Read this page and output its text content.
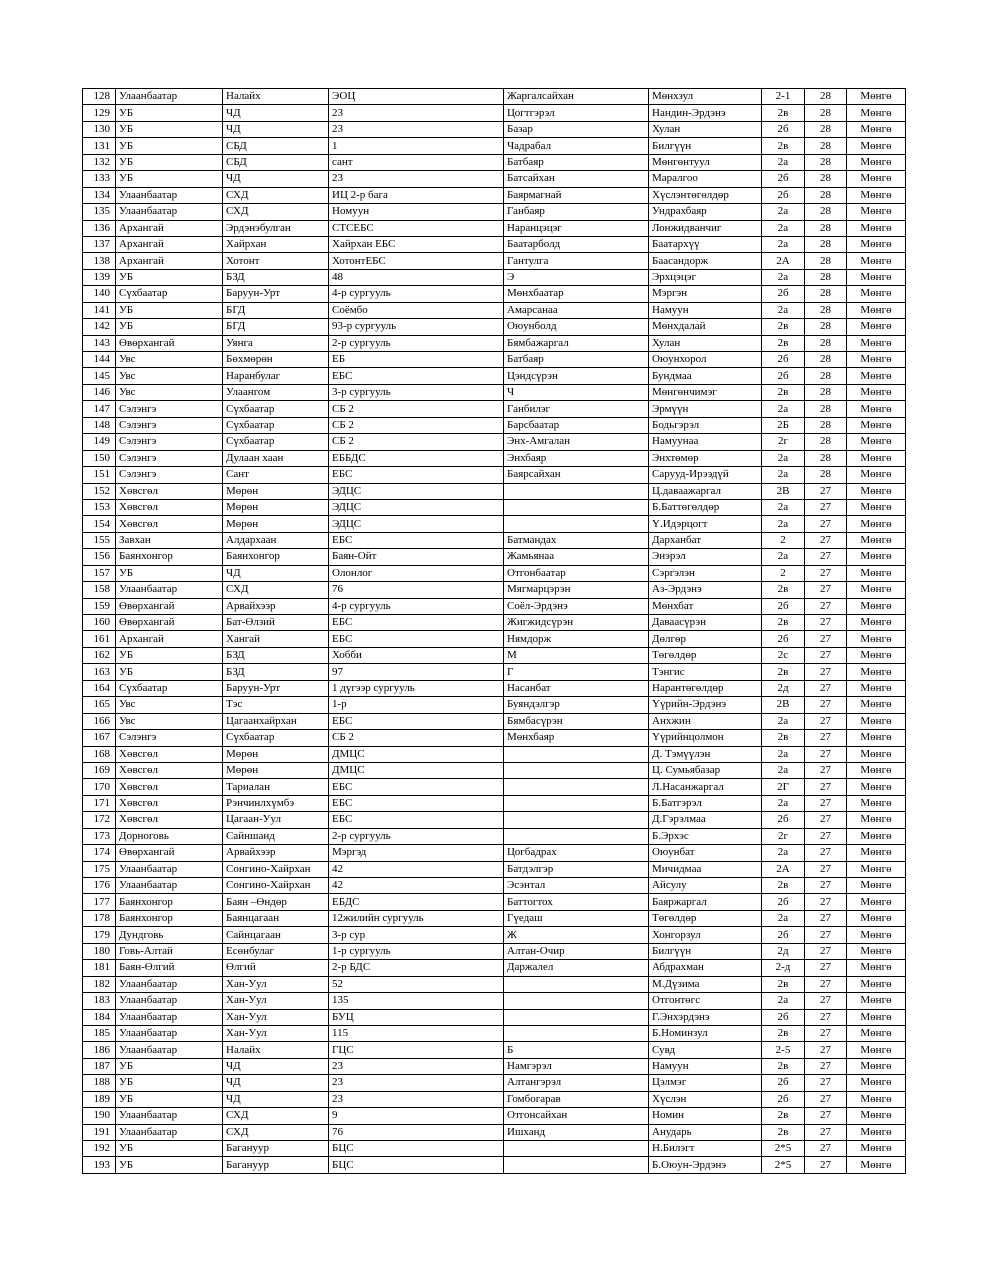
128	Улаанбаатар	Налайх	ЭОЦ	Жаргалсайхан	Мөнхзул	2-1	28	Мөнгө
129	УБ	ЧД	23	Цогтгэрэл	Нандин-Эрдэнэ	2в	28	Мөнгө
130	УБ	ЧД	23	Базар	Хулан	2б	28	Мөнгө
131	УБ	СБД	1	Чадрабал	Билгүүн	2в	28	Мөнгө
132	УБ	СБД	сант	Батбаяр	Мөнгөнтуул	2а	28	Мөнгө
133	УБ	ЧД	23	Батсайхан	Маралгоо	2б	28	Мөнгө
134	Улаанбаатар	СХД	ИЦ 2-р бага	Баярмагнай	Хүслэнтөгөлдөр	2б	28	Мөнгө
135	Улаанбаатар	СХД	Номуун	Ганбаяр	Ундрахбаяр	2а	28	Мөнгө
136	Архангай	Эрдэнэбулган	СТСЕБС	Наранцэцэг	Лонжидванчиг	2а	28	Мөнгө
137	Архангай	Хайрхан	Хайрхан ЕБС	Баатарболд	Баатархүү	2а	28	Мөнгө
138	Архангай	Хотонт	ХотонтЕБС	Гантулга	Баасандорж	2А	28	Мөнгө
139	УБ	БЗД	48	Э	Эрхцэцэг	2а	28	Мөнгө
140	Сүхбаатар	Баруун-Урт	4-р сургууль	Мөнхбаатар	Мэргэн	2б	28	Мөнгө
141	УБ	БГД	Соёмбо	Амарсанаа	Намуун	2а	28	Мөнгө
142	УБ	БГД	93-р сургууль	Оюунболд	Мөнхдалай	2в	28	Мөнгө
143	Өвөрхангай	Уянга	2-р сургууль	Бямбажаргал	Хулан	2в	28	Мөнгө
144	Увс	Бөхмөрөн	ЕБ	Батбаяр	Оюунхорол	2б	28	Мөнгө
145	Увс	Наранбулаг	ЕБС	Цэндсүрэн	Бундмаа	2б	28	Мөнгө
146	Увс	Улаангом	3-р сургууль	Ч	Мөнгөнчимэг	2в	28	Мөнгө
147	Сэлэнгэ	Сүхбаатар	СБ 2	Ганбилэг	Эрмүүн	2а	28	Мөнгө
148	Сэлэнгэ	Сүхбаатар	СБ 2	Барсбаатар	Бодьгэрэл	2Б	28	Мөнгө
149	Сэлэнгэ	Сүхбаатар	СБ 2	Энх-Амгалан	Намуунаа	2г	28	Мөнгө
150	Сэлэнгэ	Дулаан хаан	ЕББДС	Энхбаяр	Энхтөмөр	2а	28	Мөнгө
151	Сэлэнгэ	Сант	ЕБС	Баярсайхан	Сарууд-Ирээдүй	2а	28	Мөнгө
152	Хөвсгөл	Мөрөн	ЭДЦС		Ц.даваажаргал	2В	27	Мөнгө
153	Хөвсгөл	Мөрөн	ЭДЦС		Б.Баттөгөлдөр	2а	27	Мөнгө
154	Хөвсгөл	Мөрөн	ЭДЦС		Ү.Идэрцогт	2а	27	Мөнгө
155	Завхан	Алдархаан	ЕБС	Батмандах	Дарханбат	2	27	Мөнгө
156	Баянхонгор	Баянхонгор	Баян-Ойт	Жамьянаа	Энэрэл	2а	27	Мөнгө
157	УБ	ЧД	Олонлог	Отгонбаатар	Сэргэлэн	2	27	Мөнгө
158	Улаанбаатар	СХД	76	Мягмарцэрэн	Аз-Эрдэнэ	2в	27	Мөнгө
159	Өвөрхангай	Арвайхээр	4-р сургууль	Соёл-Эрдэнэ	Мөнхбат	2б	27	Мөнгө
160	Өвөрхангай	Бат-Өлзий	ЕБС	Жигжидсүрэн	Даваасүрэн	2в	27	Мөнгө
161	Архангай	Хангай	ЕБС	Нямдорж	Дөлгөр	2б	27	Мөнгө
162	УБ	БЗД	Хобби	М	Төгөлдөр	2с	27	Мөнгө
163	УБ	БЗД	97	Г	Тэнгис	2в	27	Мөнгө
164	Сүхбаатар	Баруун-Урт	1 дүгээр сургууль	Насанбат	Нарантөгөлдөр	2д	27	Мөнгө
165	Увс	Тэс	1-р	Буяндэлгэр	Үүрийн-Эрдэнэ	2В	27	Мөнгө
166	Увс	Цагаанхайрхан	ЕБС	Бямбасүрэн	Анхжин	2а	27	Мөнгө
167	Сэлэнгэ	Сүхбаатар	СБ 2	Мөнхбаяр	Үүрийнцолмон	2в	27	Мөнгө
168	Хөвсгөл	Мөрөн	ДМЦС		Д. Тэмүүлэн	2а	27	Мөнгө
169	Хөвсгөл	Мөрөн	ДМЦС		Ц. Сумьябазар	2а	27	Мөнгө
170	Хөвсгөл	Тариалан	ЕБС		Л.Насанжаргал	2Г	27	Мөнгө
171	Хөвсгөл	Рэнчинлхүмбэ	ЕБС		Б.Батгэрэл	2а	27	Мөнгө
172	Хөвсгөл	Цагаан-Уул	ЕБС		Д.Гэрэлмаа	2б	27	Мөнгө
173	Дорноговь	Сайншанд	2-р сургууль		Б.Эрхэс	2г	27	Мөнгө
174	Өвөрхангай	Арвайхээр	Мэргэд	Цогбадрах	Оюунбат	2а	27	Мөнгө
175	Улаанбаатар	Сонгино-Хайрхан	42	Батдэлгэр	Мичидмаа	2А	27	Мөнгө
176	Улаанбаатар	Сонгино-Хайрхан	42	Эсэнтал	Айсулу	2в	27	Мөнгө
177	Баянхонгор	Баян –Өндөр	ЕБДС	Баттогтох	Баяржаргал	2б	27	Мөнгө
178	Баянхонгор	Баянцагаан	12жилийн сургууль	Гүедаш	Төгөлдөр	2а	27	Мөнгө
179	Дундговь	Сайнцагаан	3-р сур	Ж	Хонгорзул	2б	27	Мөнгө
180	Говь-Алтай	Есөнбулаг	1-р сургууль	Алтан-Очир	Билгүүн	2д	27	Мөнгө
181	Баян-Өлгий	Өлгий	2-р БДС	Даржалел	Абдрахман	2-д	27	Мөнгө
182	Улаанбаатар	Хан-Уул	52		М.Дүзима	2в	27	Мөнгө
183	Улаанбаатар	Хан-Уул	135		Отгонтөгс	2а	27	Мөнгө
184	Улаанбаатар	Хан-Уул	БУЦ		Г.Энхэрдэнэ	2б	27	Мөнгө
185	Улаанбаатар	Хан-Уул	115		Б.Номинзул	2в	27	Мөнгө
186	Улаанбаатар	Налайх	ГЦС	Б	Сувд	2-5	27	Мөнгө
187	УБ	ЧД	23	Намгэрэл	Намуун	2в	27	Мөнгө
188	УБ	ЧД	23	Алтангэрэл	Цэлмэг	2б	27	Мөнгө
189	УБ	ЧД	23	Гомбогарав	Хүслэн	2б	27	Мөнгө
190	Улаанбаатар	СХД	9	Отгонсайхан	Номин	2в	27	Мөнгө
191	Улаанбаатар	СХД	76	Ишханд	Анударь	2в	27	Мөнгө
192	УБ	Багануур	БЦС		Н.Билэгт	2*5	27	Мөнгө
193	УБ	Багануур	БЦС		Б.Оюун-Эрдэнэ	2*5	27	Мөнгө
